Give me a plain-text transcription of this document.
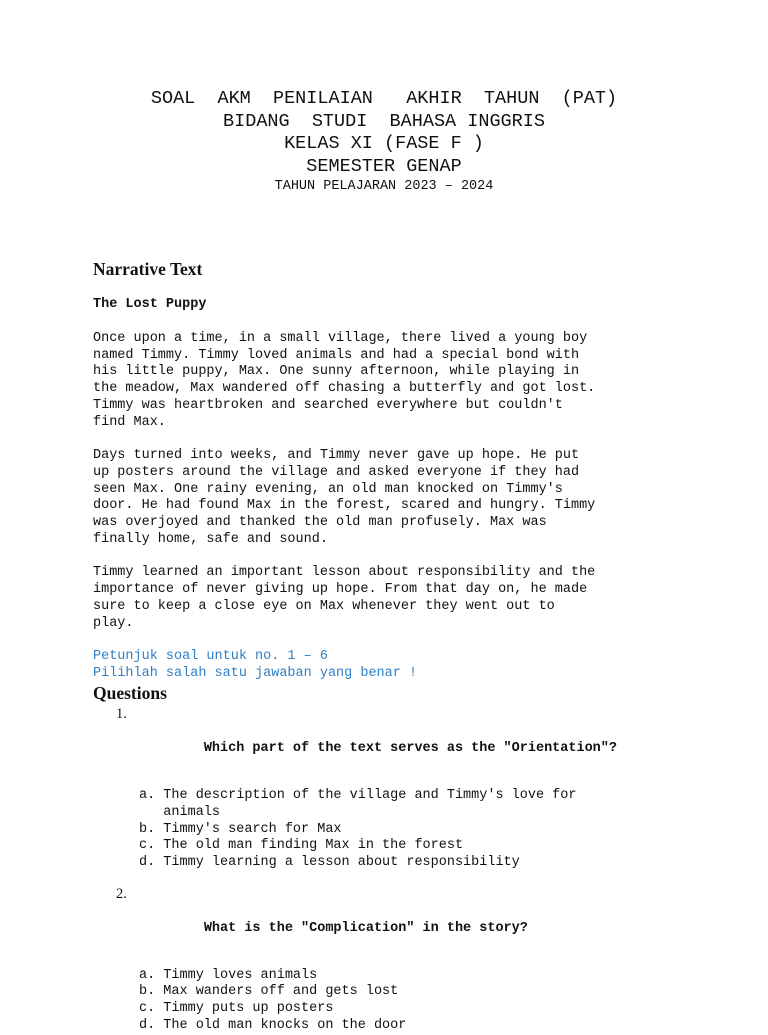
SOAL  AKM  PENILAIAN   AKHIR  TAHUN  (PAT)
BIDANG  STUDI  BAHASA INGGRIS
KELAS XI (FASE F )
SEMESTER GENAP
TAHUN PELAJARAN 2023 – 2024
Narrative Text
The Lost Puppy
Once upon a time, in a small village, there lived a young boy
named Timmy. Timmy loved animals and had a special bond with
his little puppy, Max. One sunny afternoon, while playing in
the meadow, Max wandered off chasing a butterfly and got lost.
Timmy was heartbroken and searched everywhere but couldn't
find Max.
Days turned into weeks, and Timmy never gave up hope. He put
up posters around the village and asked everyone if they had
seen Max. One rainy evening, an old man knocked on Timmy's
door. He had found Max in the forest, scared and hungry. Timmy
was overjoyed and thanked the old man profusely. Max was
finally home, safe and sound.
Timmy learned an important lesson about responsibility and the
importance of never giving up hope. From that day on, he made
sure to keep a close eye on Max whenever they went out to
play.
Petunjuk soal untuk no. 1 – 6
Pilihlah salah satu jawaban yang benar !
Questions

1.

Which part of the text serves as the "Orientation"?

a. The description of the village and Timmy's love for
animals
b. Timmy's search for Max
c. The old man finding Max in the forest
d. Timmy learning a lesson about responsibility

2.

What is the "Complication" in the story?

a. Timmy loves animals
b. Max wanders off and gets lost
c. Timmy puts up posters
d. The old man knocks on the door
